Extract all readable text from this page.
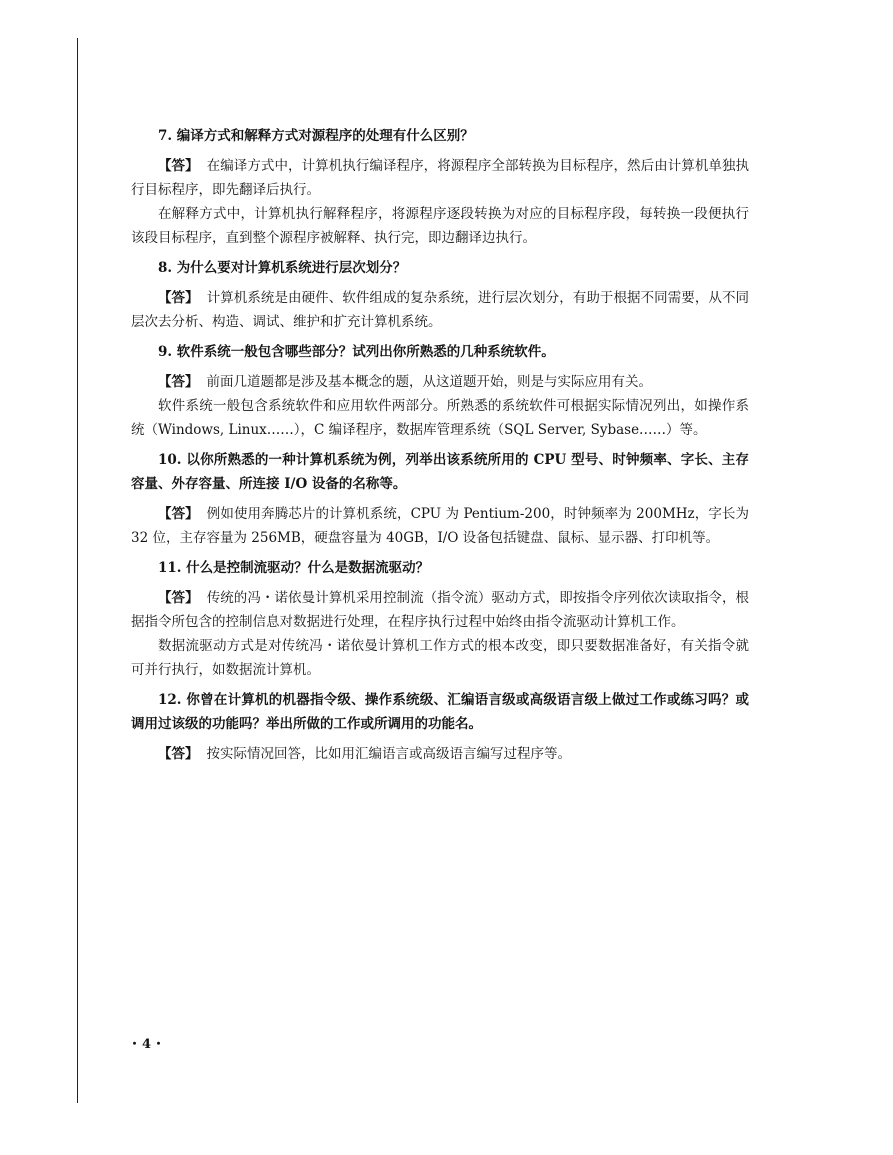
7. 编译方式和解释方式对源程序的处理有什么区别？

【答】 在编译方式中，计算机执行编译程序，将源程序全部转换为目标程序，然后由计算机单独执行目标程序，即先翻译后执行。

在解释方式中，计算机执行解释程序，将源程序逐段转换为对应的目标程序段，每转换一段便执行该段目标程序，直到整个源程序被解释、执行完，即边翻译边执行。

8. 为什么要对计算机系统进行层次划分？

【答】 计算机系统是由硬件、软件组成的复杂系统，进行层次划分，有助于根据不同需要，从不同层次去分析、构造、调试、维护和扩充计算机系统。

9. 软件系统一般包含哪些部分？试列出你所熟悉的几种系统软件。

【答】 前面几道题都是涉及基本概念的题，从这道题开始，则是与实际应用有关。

软件系统一般包含系统软件和应用软件两部分。所熟悉的系统软件可根据实际情况列出，如操作系统（Windows, Linux……），C 编译程序，数据库管理系统（SQL Server, Sybase……）等。

10. 以你所熟悉的一种计算机系统为例，列举出该系统所用的 CPU 型号、时钟频率、字长、主存容量、外存容量、所连接 I/O 设备的名称等。

【答】 例如使用奔腾芯片的计算机系统，CPU 为 Pentium-200，时钟频率为 200MHz，字长为 32 位，主存容量为 256MB，硬盘容量为 40GB，I/O 设备包括键盘、鼠标、显示器、打印机等。

11. 什么是控制流驱动？什么是数据流驱动？

【答】 传统的冯・诺依曼计算机采用控制流（指令流）驱动方式，即按指令序列依次读取指令，根据指令所包含的控制信息对数据进行处理，在程序执行过程中始终由指令流驱动计算机工作。

数据流驱动方式是对传统冯・诺依曼计算机工作方式的根本改变，即只要数据准备好，有关指令就可并行执行，如数据流计算机。

12. 你曾在计算机的机器指令级、操作系统级、汇编语言级或高级语言级上做过工作或练习吗？或调用过该级的功能吗？举出所做的工作或所调用的功能名。

【答】 按实际情况回答，比如用汇编语言或高级语言编写过程序等。

・4・
